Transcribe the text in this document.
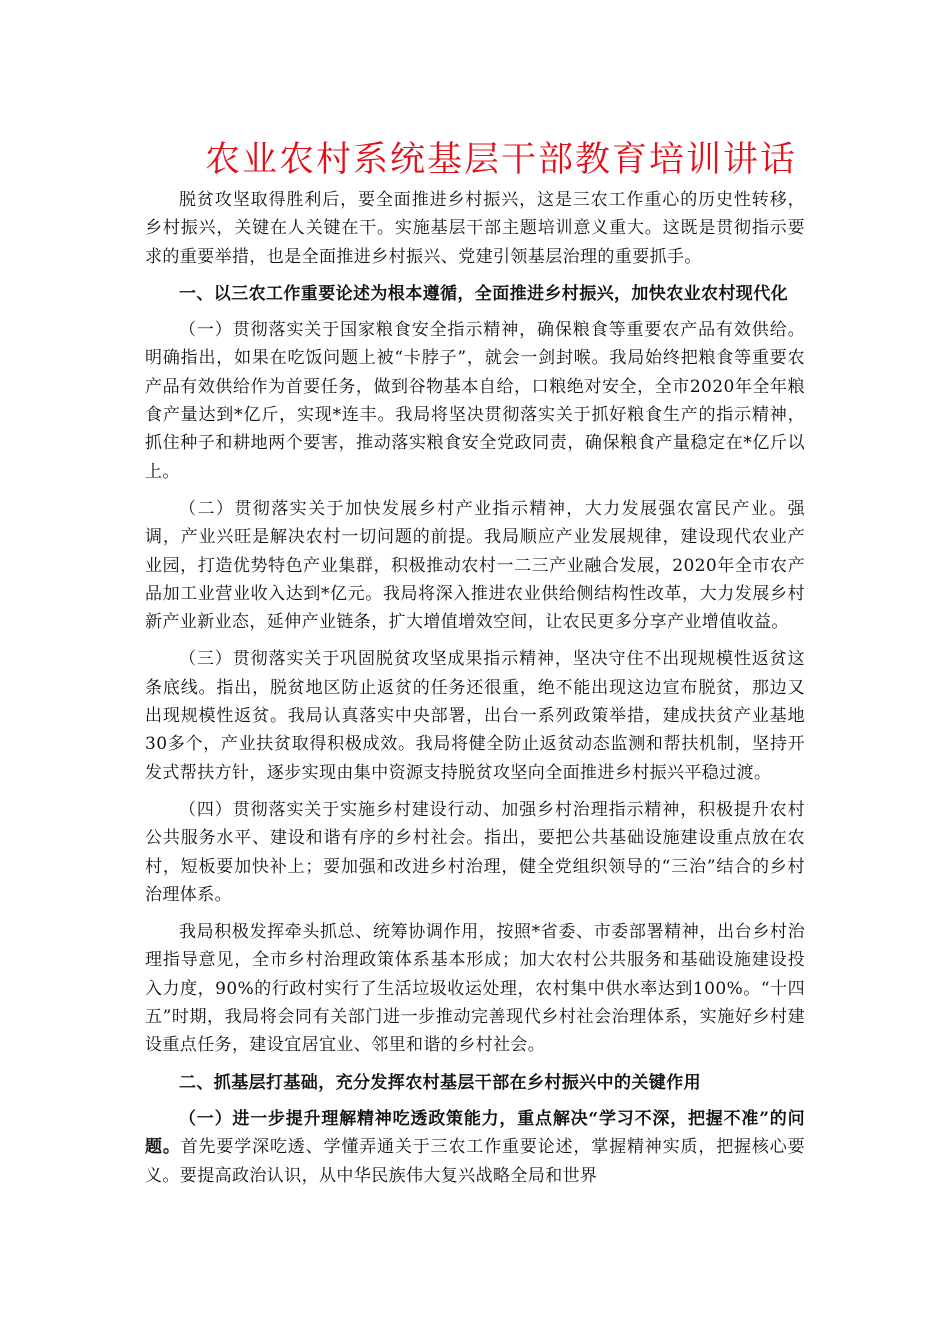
农业农村系统基层干部教育培训讲话

脱贫攻坚取得胜利后，要全面推进乡村振兴，这是三农工作重心的历史性转移，乡村振兴，关键在人关键在干。实施基层干部主题培训意义重大。这既是贯彻指示要求的重要举措，也是全面推进乡村振兴、党建引领基层治理的重要抓手。

一、以三农工作重要论述为根本遵循，全面推进乡村振兴，加快农业农村现代化

（一）贯彻落实关于国家粮食安全指示精神，确保粮食等重要农产品有效供给。明确指出，如果在吃饭问题上被“卡脖子”，就会一剑封喉。我局始终把粮食等重要农产品有效供给作为首要任务，做到谷物基本自给，口粮绝对安全，全市2020年全年粮食产量达到*亿斤，实现*连丰。我局将坚决贯彻落实关于抓好粮食生产的指示精神，抓住种子和耕地两个要害，推动落实粮食安全党政同责，确保粮食产量稳定在*亿斤以上。

（二）贯彻落实关于加快发展乡村产业指示精神，大力发展强农富民产业。强调，产业兴旺是解决农村一切问题的前提。我局顺应产业发展规律，建设现代农业产业园，打造优势特色产业集群，积极推动农村一二三产业融合发展，2020年全市农产品加工业营业收入达到*亿元。我局将深入推进农业供给侧结构性改革，大力发展乡村新产业新业态，延伸产业链条，扩大增值增效空间，让农民更多分享产业增值收益。

（三）贯彻落实关于巩固脱贫攻坚成果指示精神，坚决守住不出现规模性返贫这条底线。指出，脱贫地区防止返贫的任务还很重，绝不能出现这边宣布脱贫，那边又出现规模性返贫。我局认真落实中央部署，出台一系列政策举措，建成扶贫产业基地30多个，产业扶贫取得积极成效。我局将健全防止返贫动态监测和帮扶机制，坚持开发式帮扶方针，逐步实现由集中资源支持脱贫攻坚向全面推进乡村振兴平稳过渡。

（四）贯彻落实关于实施乡村建设行动、加强乡村治理指示精神，积极提升农村公共服务水平、建设和谐有序的乡村社会。指出，要把公共基础设施建设重点放在农村，短板要加快补上；要加强和改进乡村治理，健全党组织领导的“三治”结合的乡村治理体系。

我局积极发挥牵头抓总、统筹协调作用，按照*省委、市委部署精神，出台乡村治理指导意见，全市乡村治理政策体系基本形成；加大农村公共服务和基础设施建设投入力度，90%的行政村实行了生活垃圾收运处理，农村集中供水率达到100%。“十四五”时期，我局将会同有关部门进一步推动完善现代乡村社会治理体系，实施好乡村建设重点任务，建设宜居宜业、邻里和谐的乡村社会。

二、抓基层打基础，充分发挥农村基层干部在乡村振兴中的关键作用

（一）进一步提升理解精神吃透政策能力，重点解决“学习不深，把握不准”的问题。首先要学深吃透、学懂弄通关于三农工作重要论述，掌握精神实质，把握核心要义。要提高政治认识，从中华民族伟大复兴战略全局和世界
